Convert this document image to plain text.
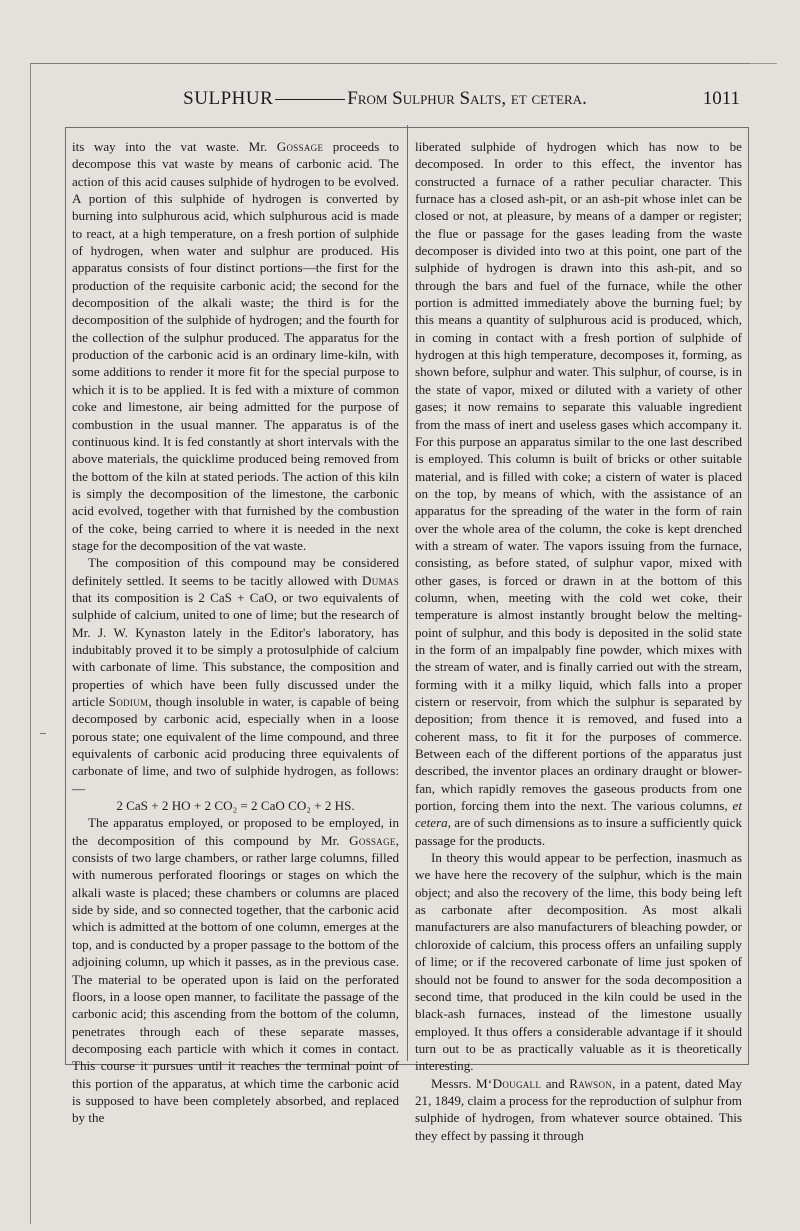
SULPHUR	From Sulphur Salts, et cetera.	1011

its way into the vat waste. Mr. Gossage proceeds to decompose this vat waste by means of carbonic acid. The action of this acid causes sulphide of hydrogen to be evolved. A portion of this sulphide of hydrogen is converted by burning into sulphurous acid, which sulphurous acid is made to react, at a high temperature, on a fresh portion of sulphide of hydrogen, when water and sulphur are produced. His apparatus consists of four distinct portions—the first for the production of the requisite carbonic acid; the second for the decomposition of the alkali waste; the third is for the decomposition of the sulphide of hydrogen; and the fourth for the collection of the sulphur produced. The apparatus for the production of the carbonic acid is an ordinary lime-kiln, with some additions to render it more fit for the special purpose to which it is to be applied. It is fed with a mixture of common coke and limestone, air being admitted for the purpose of combustion in the usual manner. The apparatus is of the continuous kind. It is fed constantly at short intervals with the above materials, the quicklime produced being removed from the bottom of the kiln at stated periods. The action of this kiln is simply the decomposition of the limestone, the carbonic acid evolved, together with that furnished by the combustion of the coke, being carried to where it is needed in the next stage for the decomposition of the vat waste.

The composition of this compound may be considered definitely settled. It seems to be tacitly allowed with Dumas that its composition is 2 CaS + CaO, or two equivalents of sulphide of calcium, united to one of lime; but the research of Mr. J. W. Kynaston lately in the Editor's laboratory, has indubitably proved it to be simply a protosulphide of calcium with carbonate of lime. This substance, the composition and properties of which have been fully discussed under the article Sodium, though insoluble in water, is capable of being decomposed by carbonic acid, especially when in a loose porous state; one equivalent of the lime compound, and three equivalents of carbonic acid producing three equivalents of carbonate of lime, and two of sulphide hydrogen, as follows: —

2 CaS + 2 HO + 2 CO₂ = 2 CaO CO₂ + 2 HS.

The apparatus employed, or proposed to be employed, in the decomposition of this compound by Mr. Gossage, consists of two large chambers, or rather large columns, filled with numerous perforated floorings or stages on which the alkali waste is placed; these chambers or columns are placed side by side, and so connected together, that the carbonic acid which is admitted at the bottom of one column, emerges at the top, and is conducted by a proper passage to the bottom of the adjoining column, up which it passes, as in the previous case. The material to be operated upon is laid on the perforated floors, in a loose open manner, to facilitate the passage of the carbonic acid; this ascending from the bottom of the column, penetrates through each of these separate masses, decomposing each particle with which it comes in contact. This course it pursues until it reaches the terminal point of this portion of the apparatus, at which time the carbonic acid is supposed to have been completely absorbed, and replaced by the

liberated sulphide of hydrogen which has now to be decomposed. In order to this effect, the inventor has constructed a furnace of a rather peculiar character. This furnace has a closed ash-pit, or an ash-pit whose inlet can be closed or not, at pleasure, by means of a damper or register; the flue or passage for the gases leading from the waste decomposer is divided into two at this point, one part of the sulphide of hydrogen is drawn into this ash-pit, and so through the bars and fuel of the furnace, while the other portion is admitted immediately above the burning fuel; by this means a quantity of sulphurous acid is produced, which, in coming in contact with a fresh portion of sulphide of hydrogen at this high temperature, decomposes it, forming, as shown before, sulphur and water. This sulphur, of course, is in the state of vapor, mixed or diluted with a variety of other gases; it now remains to separate this valuable ingredient from the mass of inert and useless gases which accompany it. For this purpose an apparatus similar to the one last described is employed. This column is built of bricks or other suitable material, and is filled with coke; a cistern of water is placed on the top, by means of which, with the assistance of an apparatus for the spreading of the water in the form of rain over the whole area of the column, the coke is kept drenched with a stream of water. The vapors issuing from the furnace, consisting, as before stated, of sulphur vapor, mixed with other gases, is forced or drawn in at the bottom of this column, when, meeting with the cold wet coke, their temperature is almost instantly brought below the melting-point of sulphur, and this body is deposited in the solid state in the form of an impalpably fine powder, which mixes with the stream of water, and is finally carried out with the stream, forming with it a milky liquid, which falls into a proper cistern or reservoir, from which the sulphur is separated by deposition; from thence it is removed, and fused into a coherent mass, to fit it for the purposes of commerce. Between each of the different portions of the apparatus just described, the inventor places an ordinary draught or blower-fan, which rapidly removes the gaseous products from one portion, forcing them into the next. The various columns, et cetera, are of such dimensions as to insure a sufficiently quick passage for the products.

In theory this would appear to be perfection, inasmuch as we have here the recovery of the sulphur, which is the main object; and also the recovery of the lime, this body being left as carbonate after decomposition. As most alkali manufacturers are also manufacturers of bleaching powder, or chloroxide of calcium, this process offers an unfailing supply of lime; or if the recovered carbonate of lime just spoken of should not be found to answer for the soda decomposition a second time, that produced in the kiln could be used in the black-ash furnaces, instead of the limestone usually employed. It thus offers a considerable advantage if it should turn out to be as practically valuable as it is theoretically interesting.

Messrs. M‘Dougall and Rawson, in a patent, dated May 21, 1849, claim a process for the reproduction of sulphur from sulphide of hydrogen, from whatever source obtained. This they effect by passing it through
